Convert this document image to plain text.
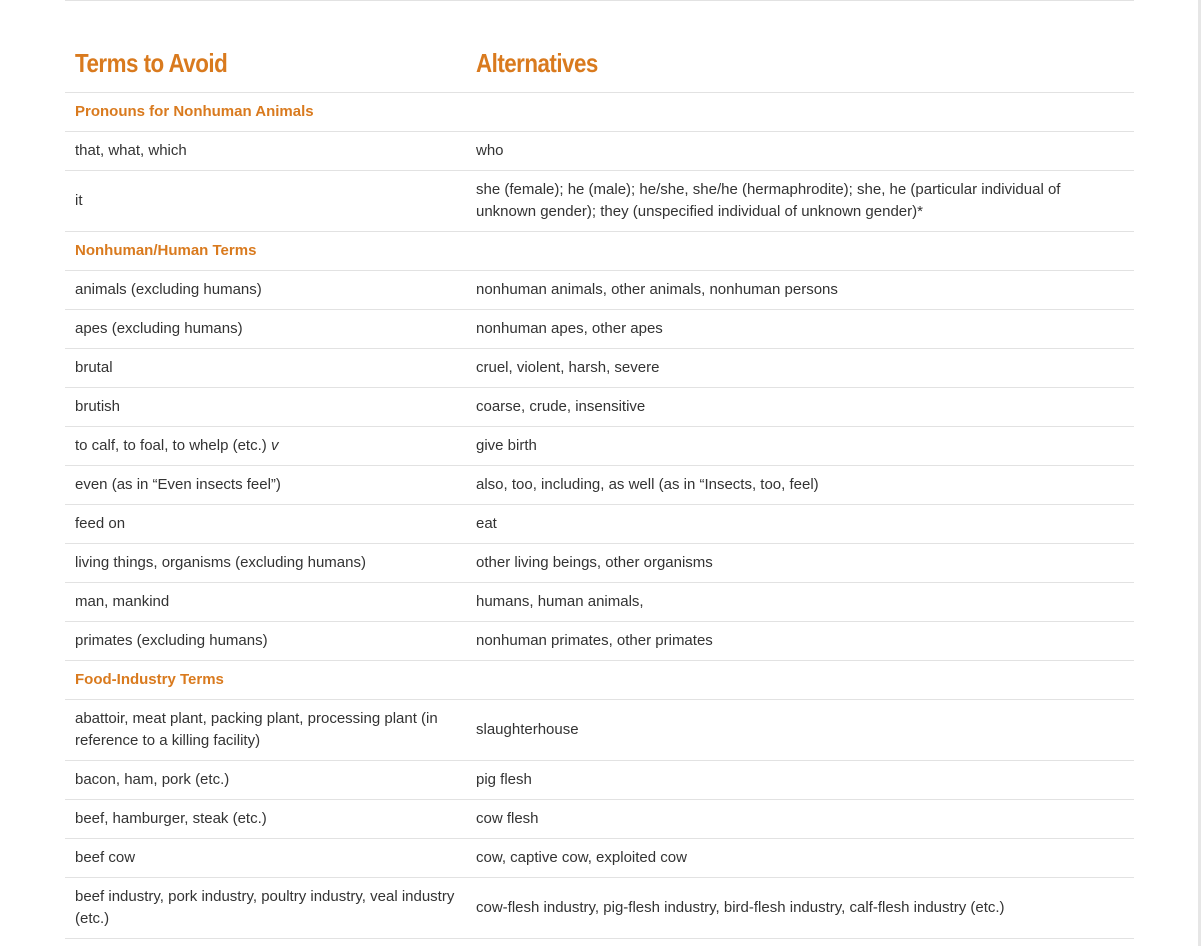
Terms to Avoid	Alternatives
Pronouns for Nonhuman Animals	
that, what, which	who
it	she (female); he (male); he/she, she/he (hermaphrodite); she, he (particular individual of unknown gender); they (unspecified individual of unknown gender)*
Nonhuman/Human Terms	
animals (excluding humans)	nonhuman animals, other animals, nonhuman persons
apes (excluding humans)	nonhuman apes, other apes
brutal	cruel, violent, harsh, severe
brutish	coarse, crude, insensitive
to calf, to foal, to whelp (etc.) v	give birth
even (as in “Even insects feel”)	also, too, including, as well (as in “Insects, too, feel)
feed on	eat
living things, organisms (excluding humans)	other living beings, other organisms
man, mankind	humans, human animals,
primates (excluding humans)	nonhuman primates, other primates
Food-Industry Terms	
abattoir, meat plant, packing plant, processing plant (in reference to a killing facility)	slaughterhouse
bacon, ham, pork (etc.)	pig flesh
beef, hamburger, steak (etc.)	cow flesh
beef cow	cow, captive cow, exploited cow
beef industry, pork industry, poultry industry, veal industry (etc.)	cow-flesh industry, pig-flesh industry, bird-flesh industry, calf-flesh industry (etc.)
